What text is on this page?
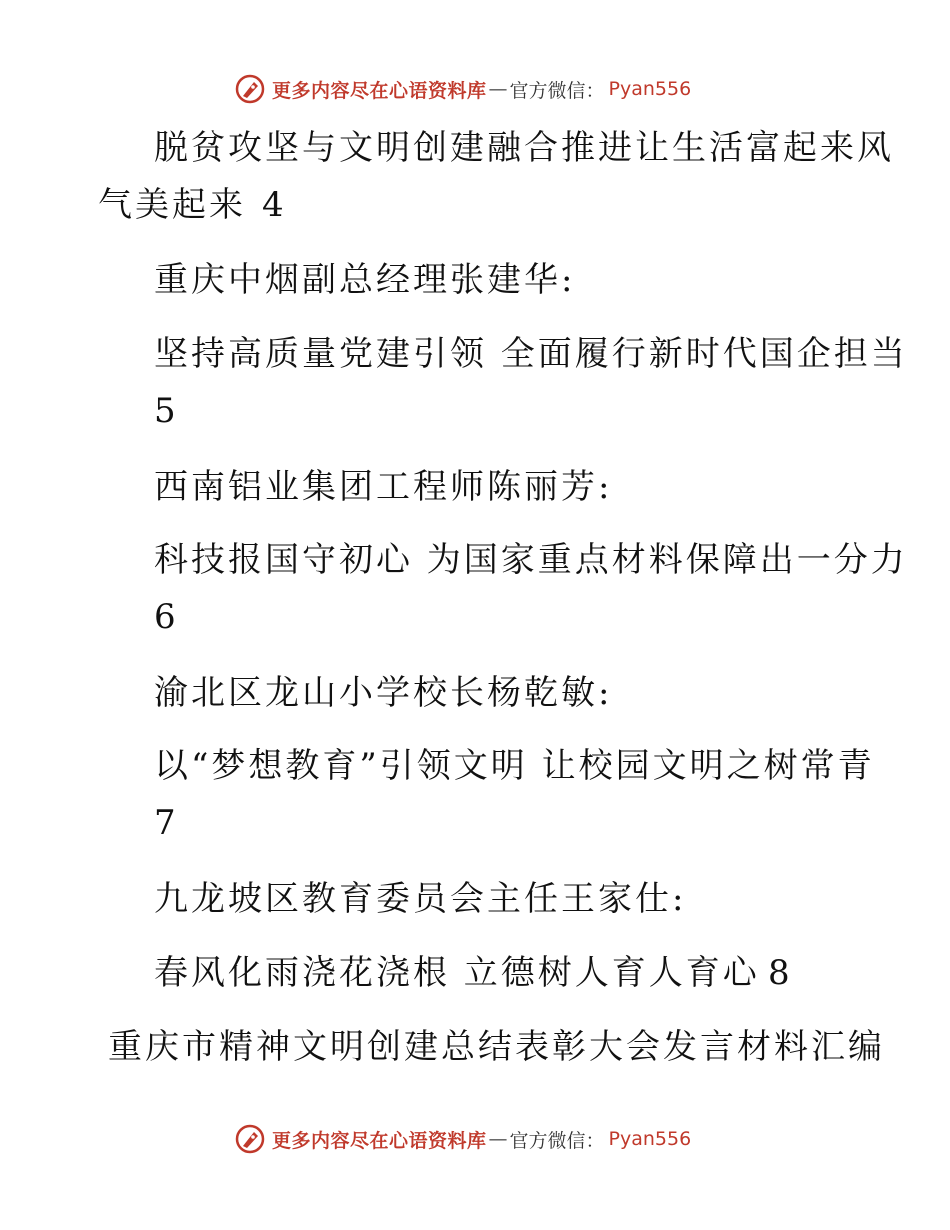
更多内容尽在心语资料库 — 官方微信： Pyan556
脱贫攻坚与文明创建融合推进让生活富起来风
气美起来 4
重庆中烟副总经理张建华:
坚持高质量党建引领 全面履行新时代国企担当
5
西南铝业集团工程师陈丽芳:
科技报国守初心 为国家重点材料保障出一分力
6
渝北区龙山小学校长杨乾敏:
以“梦想教育”引领文明 让校园文明之树常青
7
九龙坡区教育委员会主任王家仕:
春风化雨浇花浇根 立德树人育人育心 8
重庆市精神文明创建总结表彰大会发言材料汇编
更多内容尽在心语资料库 — 官方微信： Pyan556
